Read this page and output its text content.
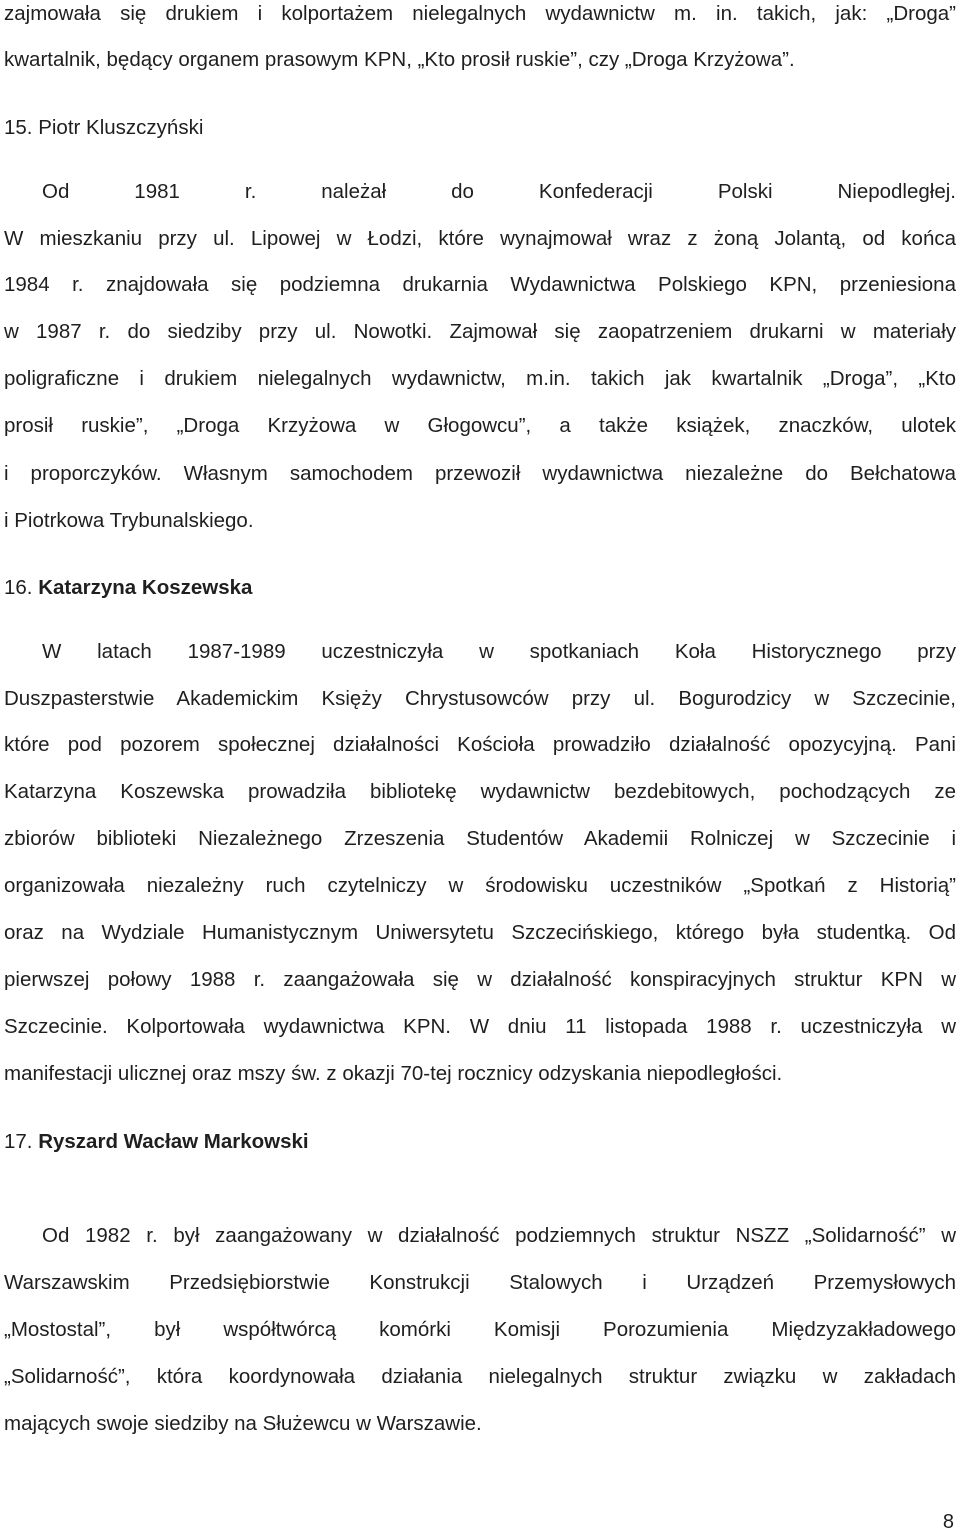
zajmowała się drukiem i kolportażem nielegalnych wydawnictw m. in. takich, jak: „Droga”
kwartalnik, będący organem prasowym KPN, „Kto prosił ruskie”, czy „Droga Krzyżowa”.
15. Piotr Kluszczyński
Od 1981 r. należał do Konfederacji Polski Niepodległej.
W mieszkaniu przy ul. Lipowej w Łodzi, które wynajmował wraz z żoną Jolantą, od końca
1984 r. znajdowała się podziemna drukarnia Wydawnictwa Polskiego KPN, przeniesiona
w 1987 r. do siedziby przy ul. Nowotki. Zajmował się zaopatrzeniem drukarni w materiały
poligraficzne i drukiem nielegalnych wydawnictw, m.in. takich jak kwartalnik „Droga”, „Kto
prosił ruskie”, „Droga Krzyżowa w Głogowcu”, a także książek, znaczków, ulotek
i proporczyków. Własnym samochodem przewoził wydawnictwa niezależne do Bełchatowa
i Piotrkowa Trybunalskiego.
16. Katarzyna Koszewska
W latach 1987-1989 uczestniczyła w spotkaniach Koła Historycznego przy
Duszpasterstwie Akademickim Księży Chrystusowców przy ul. Bogurodzicy w Szczecinie,
które pod pozorem społecznej działalności Kościoła prowadziło działalność opozycyjną. Pani
Katarzyna Koszewska prowadziła bibliotekę wydawnictw bezdebitowych, pochodzących ze
zbiorów biblioteki Niezależnego Zrzeszenia Studentów Akademii Rolniczej w Szczecinie i
organizowała niezależny ruch czytelniczy w środowisku uczestników „Spotkań z Historią”
oraz na Wydziale Humanistycznym Uniwersytetu Szczecińskiego, którego była studentką. Od
pierwszej połowy 1988 r. zaangażowała się w działalność konspiracyjnych struktur KPN w
Szczecinie. Kolportowała wydawnictwa KPN. W dniu 11 listopada 1988 r. uczestniczyła w
manifestacji ulicznej oraz mszy św. z okazji 70-tej rocznicy odzyskania niepodległości.
17. Ryszard Wacław Markowski
Od 1982 r. był zaangażowany w działalność podziemnych struktur NSZZ „Solidarność” w
Warszawskim Przedsiębiorstwie Konstrukcji Stalowych i Urządzeń Przemysłowych
„Mostostal”, był współtwórcą komórki Komisji Porozumienia Międzyzakładowego
„Solidarność”, która koordynowała działania nielegalnych struktur związku w zakładach
mających swoje siedziby na Służewcu w Warszawie.
8
